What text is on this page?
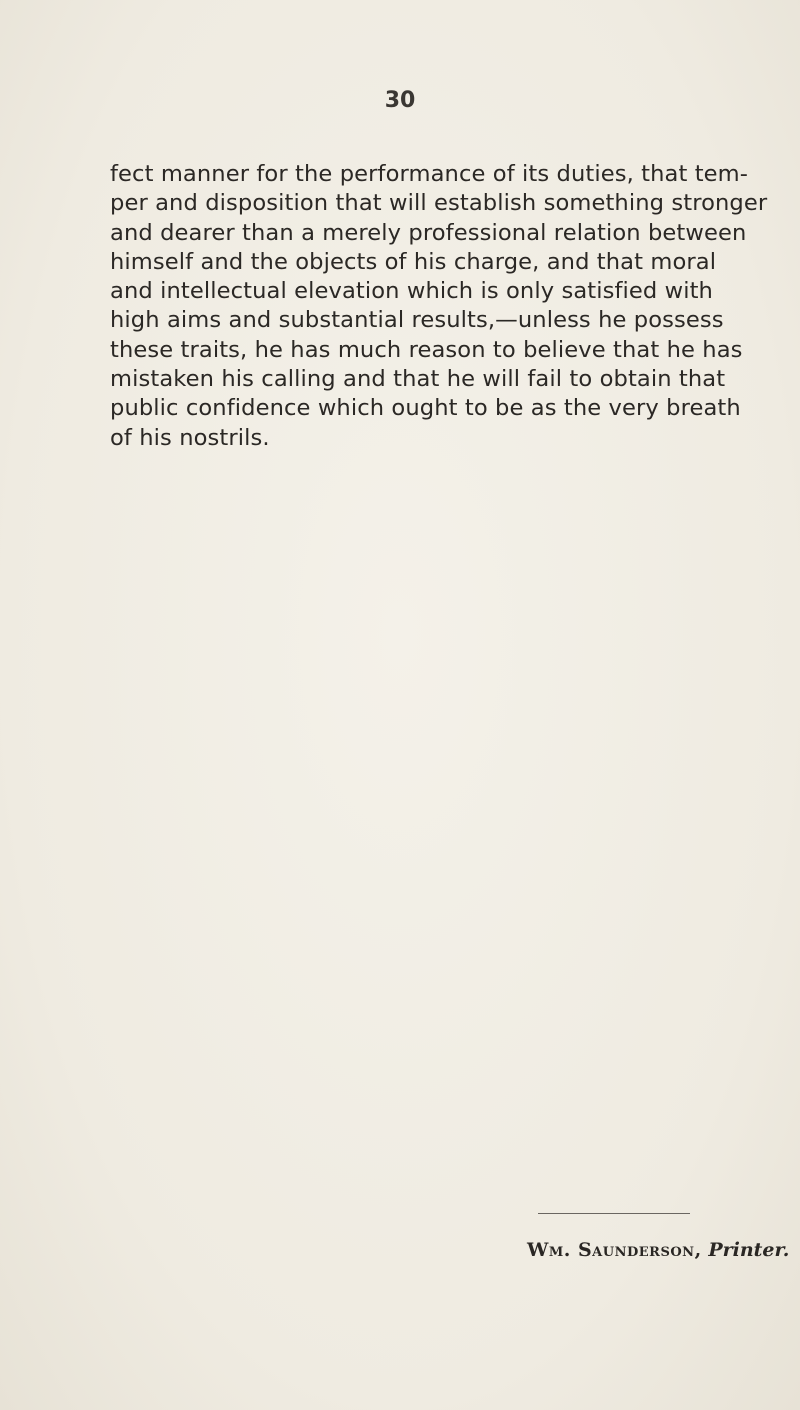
30
fect manner for the performance of its duties, that tem-
per and disposition that will establish something stronger
and dearer than a merely professional relation between
himself and the objects of his charge, and that moral
and intellectual elevation which is only satisfied with
high aims and substantial results,—unless he possess
these traits, he has much reason to believe that he has
mistaken his calling and that he will fail to obtain that
public confidence which ought to be as the very breath
of his nostrils.
Wm. Saunderson, Printer.
